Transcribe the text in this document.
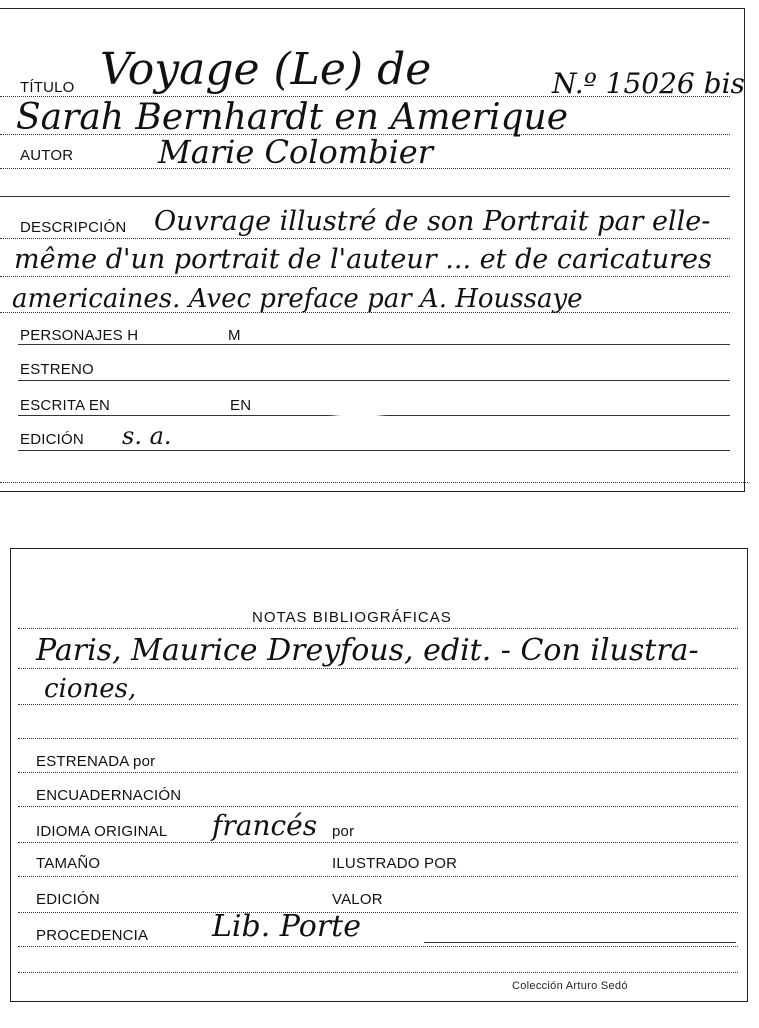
TÍTULO Voyage (Le) de	N.º 15026 bis
Sarah Bernhardt en Amerique
AUTOR	Marie Colombier
DESCRIPCIÓN Ouvrage illustré de son Portrait par elle-
même d'un portrait de l'auteur ... et de caricatures
americaines. Avec preface par A. Houssaye
PERSONAJES H	M
ESTRENO
ESCRITA EN	EN
EDICIÓN s. a.
NOTAS BIBLIOGRÁFICAS
Paris, Maurice Dreyfous, edit. - Con ilustra-
ciones,
ESTRENADA por
ENCUADERNACIÓN
IDIOMA ORIGINAL francés por
TAMAÑO	ILUSTRADO POR
EDICIÓN	VALOR
PROCEDENCIA Lib. Porte
Colección Arturo Sedó
